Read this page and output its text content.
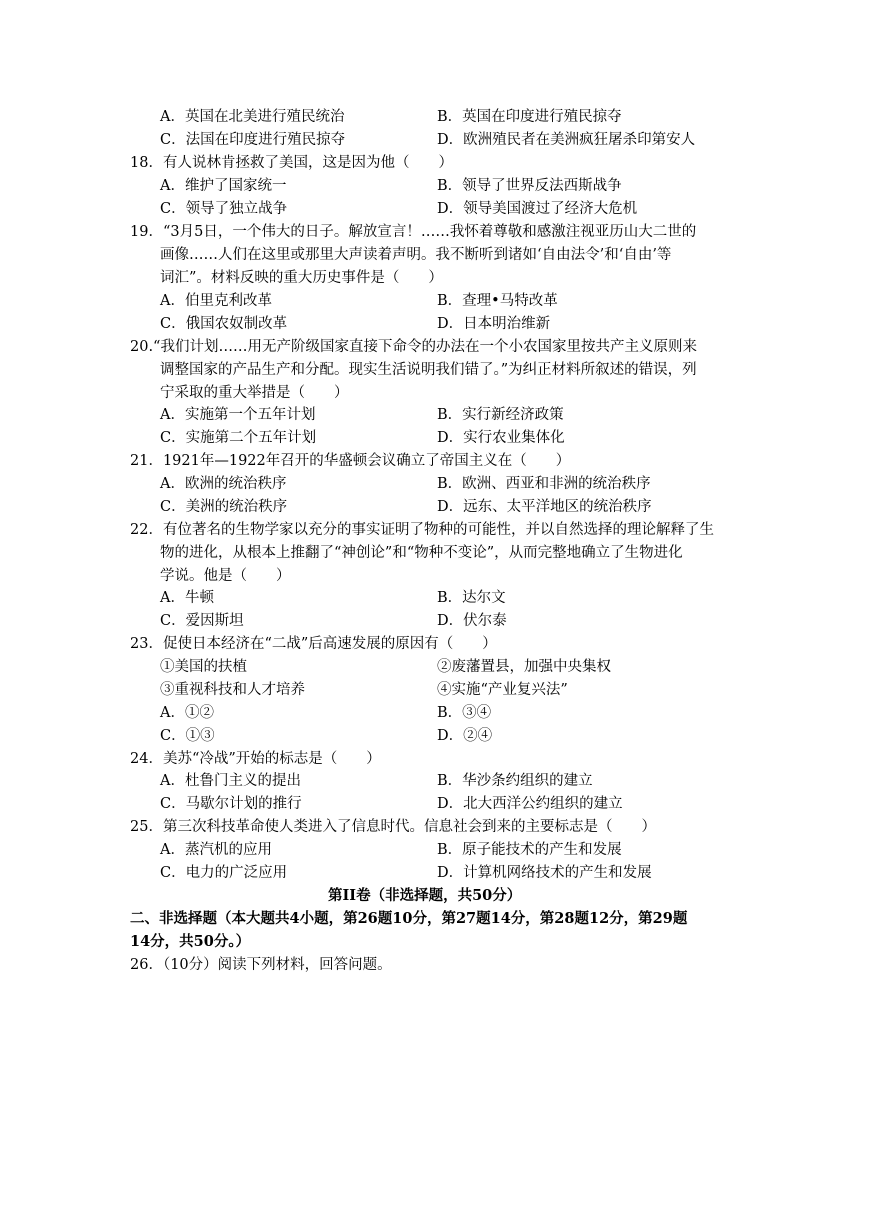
A．英国在北美进行殖民统治	B．英国在印度进行殖民掠夺
C．法国在印度进行殖民掠夺	D．欧洲殖民者在美洲疯狂屠杀印第安人
18．有人说林肯拯救了美国，这是因为他（　　）
A．维护了国家统一	B．领导了世界反法西斯战争
C．领导了独立战争	D．领导美国渡过了经济大危机
19．“3月5日，一个伟大的日子。解放宣言！……我怀着尊敬和感激注视亚历山大二世的
画像……人们在这里或那里大声读着声明。我不断听到诸如‘自由法令’和‘自由’等
词汇”。材料反映的重大历史事件是（　　）
A．伯里克利改革	B．查理•马特改革
C．俄国农奴制改革	D．日本明治维新
20.“我们计划……用无产阶级国家直接下命令的办法在一个小农国家里按共产主义原则来
调整国家的产品生产和分配。现实生活说明我们错了。”为纠正材料所叙述的错误，列
宁采取的重大举措是（　　）
A．实施第一个五年计划	B．实行新经济政策
C．实施第二个五年计划	D．实行农业集体化
21．1921年—1922年召开的华盛顿会议确立了帝国主义在（　　）
A．欧洲的统治秩序	B．欧洲、西亚和非洲的统治秩序
C．美洲的统治秩序	D．远东、太平洋地区的统治秩序
22．有位著名的生物学家以充分的事实证明了物种的可能性，并以自然选择的理论解释了生
物的进化，从根本上推翻了“神创论”和“物种不变论”，从而完整地确立了生物进化
学说。他是（　　）
A．牛顿	B．达尔文
C．爱因斯坦	D．伏尔泰
23．促使日本经济在“二战”后高速发展的原因有（　　）
①美国的扶植	②废藩置县，加强中央集权
③重视科技和人才培养	④实施“产业复兴法”
A．①②	B．③④
C．①③	D．②④
24．美苏“冷战”开始的标志是（　　）
A．杜鲁门主义的提出	B．华沙条约组织的建立
C．马歇尔计划的推行	D．北大西洋公约组织的建立
25．第三次科技革命使人类进入了信息时代。信息社会到来的主要标志是（　　）
A．蒸汽机的应用	B．原子能技术的产生和发展
C．电力的广泛应用	D．计算机网络技术的产生和发展
第II卷（非选择题，共50分）
二、非选择题（本大题共4小题，第26题10分，第27题14分，第28题12分，第29题
14分，共50分。）
26．（10分）阅读下列材料，回答问题。
